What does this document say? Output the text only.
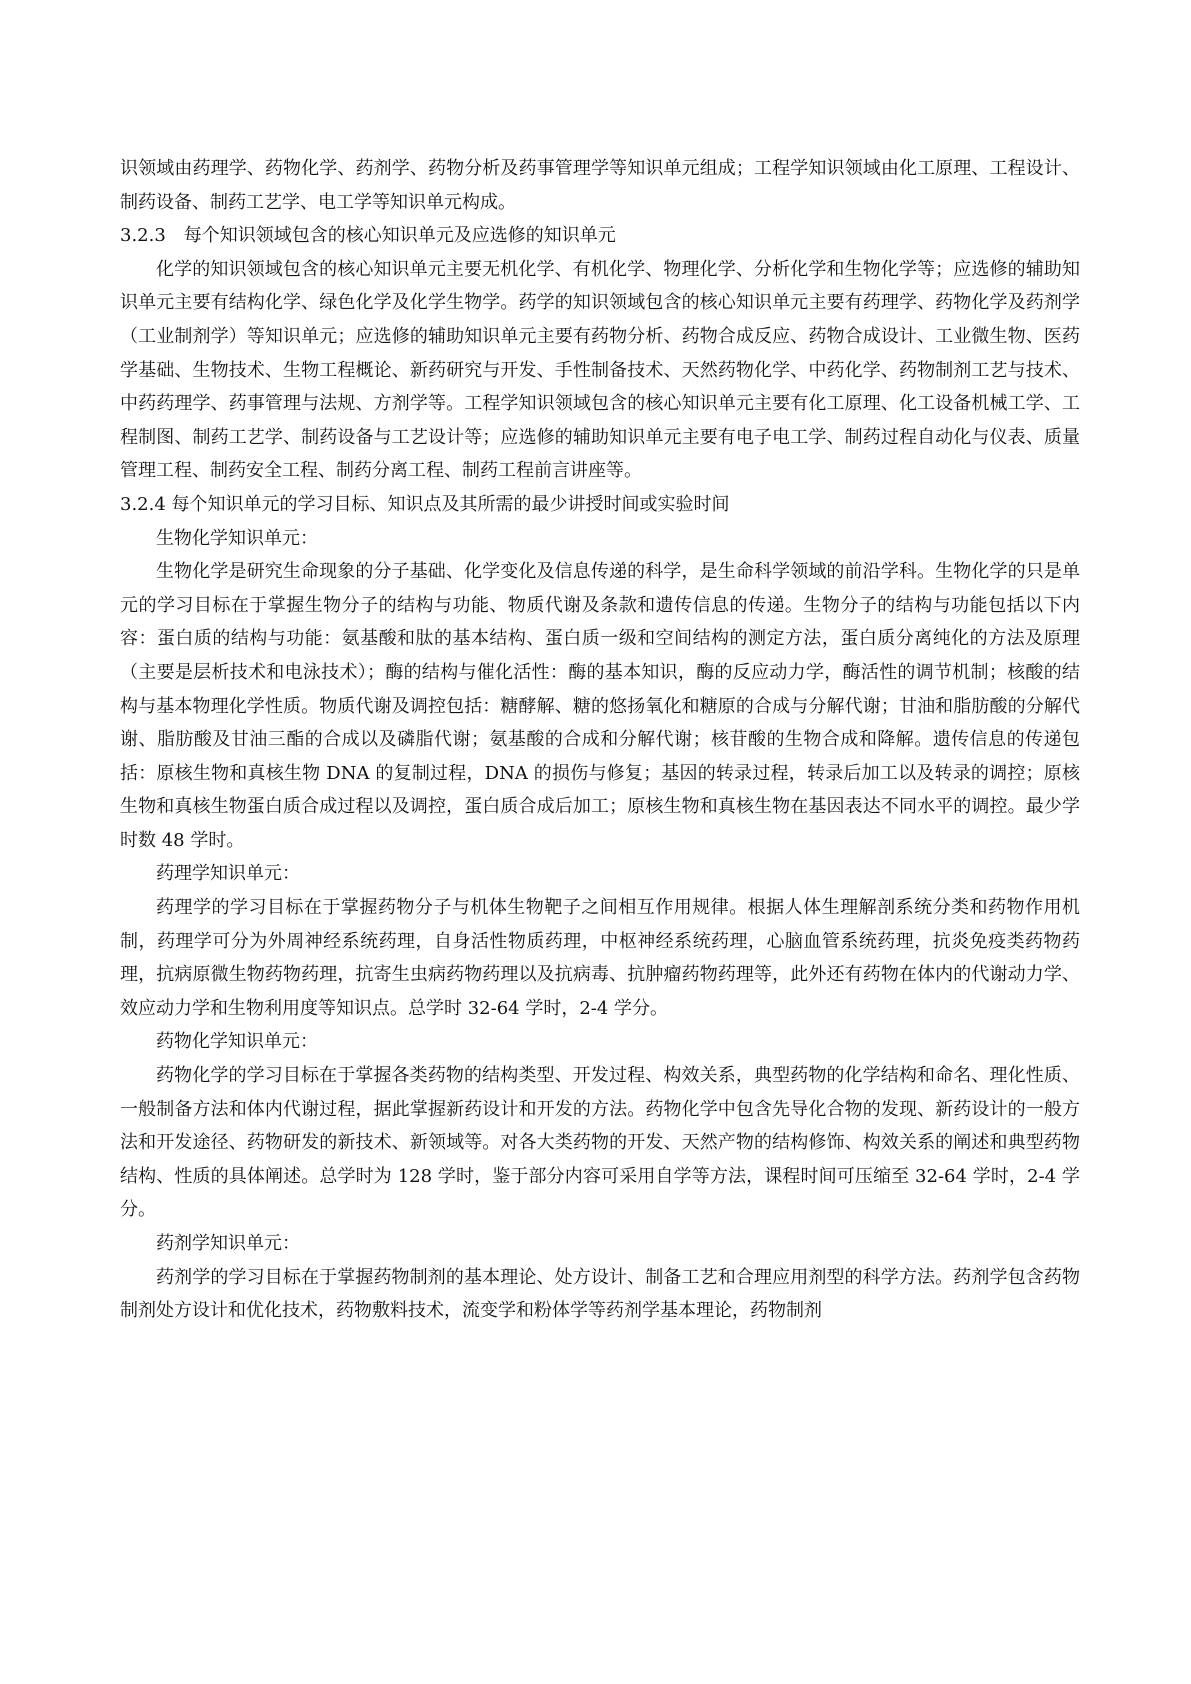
识领域由药理学、药物化学、药剂学、药物分析及药事管理学等知识单元组成；工程学知识领域由化工原理、工程设计、制药设备、制药工艺学、电工学等知识单元构成。

3.2.3　每个知识领域包含的核心知识单元及应选修的知识单元

化学的知识领域包含的核心知识单元主要无机化学、有机化学、物理化学、分析化学和生物化学等；应选修的辅助知识单元主要有结构化学、绿色化学及化学生物学。药学的知识领域包含的核心知识单元主要有药理学、药物化学及药剂学（工业制剂学）等知识单元；应选修的辅助知识单元主要有药物分析、药物合成反应、药物合成设计、工业微生物、医药学基础、生物技术、生物工程概论、新药研究与开发、手性制备技术、天然药物化学、中药化学、药物制剂工艺与技术、中药药理学、药事管理与法规、方剂学等。工程学知识领域包含的核心知识单元主要有化工原理、化工设备机械工学、工程制图、制药工艺学、制药设备与工艺设计等；应选修的辅助知识单元主要有电子电工学、制药过程自动化与仪表、质量管理工程、制药安全工程、制药分离工程、制药工程前言讲座等。

3.2.4 每个知识单元的学习目标、知识点及其所需的最少讲授时间或实验时间

生物化学知识单元：

生物化学是研究生命现象的分子基础、化学变化及信息传递的科学，是生命科学领域的前沿学科。生物化学的只是单元的学习目标在于掌握生物分子的结构与功能、物质代谢及条款和遗传信息的传递。生物分子的结构与功能包括以下内容：蛋白质的结构与功能：氨基酸和肽的基本结构、蛋白质一级和空间结构的测定方法，蛋白质分离纯化的方法及原理（主要是层析技术和电泳技术）；酶的结构与催化活性：酶的基本知识，酶的反应动力学，酶活性的调节机制；核酸的结构与基本物理化学性质。物质代谢及调控包括：糖酵解、糖的悠扬氧化和糖原的合成与分解代谢；甘油和脂肪酸的分解代谢、脂肪酸及甘油三酯的合成以及磷脂代谢；氨基酸的合成和分解代谢；核苷酸的生物合成和降解。遗传信息的传递包括：原核生物和真核生物 DNA 的复制过程，DNA 的损伤与修复；基因的转录过程，转录后加工以及转录的调控；原核生物和真核生物蛋白质合成过程以及调控，蛋白质合成后加工；原核生物和真核生物在基因表达不同水平的调控。最少学时数 48 学时。

药理学知识单元：

药理学的学习目标在于掌握药物分子与机体生物靶子之间相互作用规律。根据人体生理解剖系统分类和药物作用机制，药理学可分为外周神经系统药理，自身活性物质药理，中枢神经系统药理，心脑血管系统药理，抗炎免疫类药物药理，抗病原微生物药物药理，抗寄生虫病药物药理以及抗病毒、抗肿瘤药物药理等，此外还有药物在体内的代谢动力学、效应动力学和生物利用度等知识点。总学时 32-64 学时，2-4 学分。

药物化学知识单元：

药物化学的学习目标在于掌握各类药物的结构类型、开发过程、构效关系，典型药物的化学结构和命名、理化性质、一般制备方法和体内代谢过程，据此掌握新药设计和开发的方法。药物化学中包含先导化合物的发现、新药设计的一般方法和开发途径、药物研发的新技术、新领域等。对各大类药物的开发、天然产物的结构修饰、构效关系的阐述和典型药物结构、性质的具体阐述。总学时为 128 学时，鉴于部分内容可采用自学等方法，课程时间可压缩至 32-64 学时，2-4 学分。

药剂学知识单元：

药剂学的学习目标在于掌握药物制剂的基本理论、处方设计、制备工艺和合理应用剂型的科学方法。药剂学包含药物制剂处方设计和优化技术，药物敷料技术，流变学和粉体学等药剂学基本理论，药物制剂
